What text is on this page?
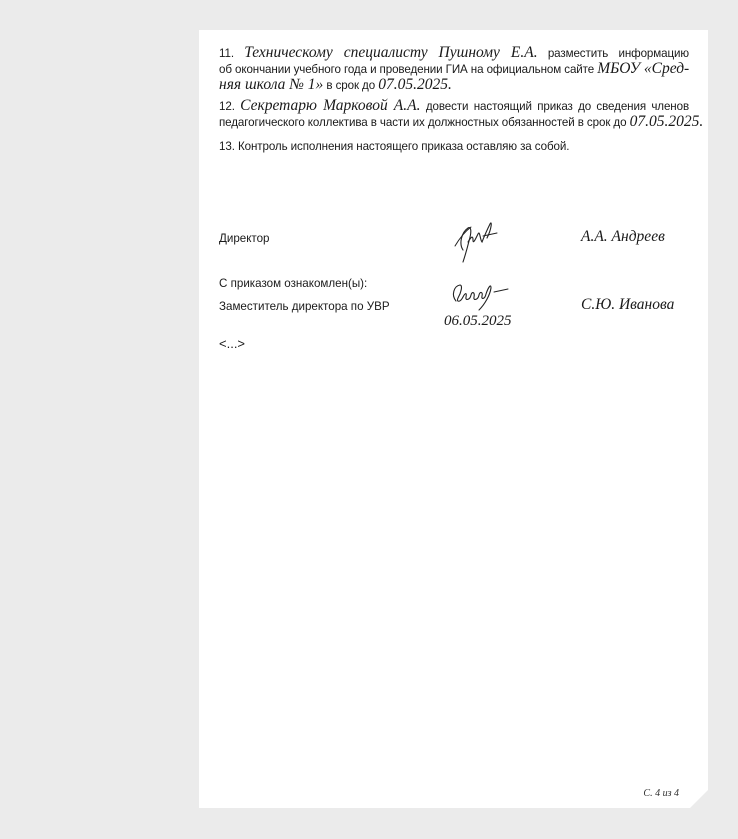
11. Техническому специалисту Пушному Е.А. разместить информацию
об окончании учебного года и проведении ГИА на официальном сайте МБОУ «Сред-
няя школа № 1» в срок до 07.05.2025.
12. Секретарю Марковой А.А. довести настоящий приказ до сведения членов
педагогического коллектива в части их должностных обязанностей в срок до 07.05.2025.
13. Контроль исполнения настоящего приказа оставляю за собой.
Директор	А.А. Андреев
С приказом ознакомлен(ы):
Заместитель директора по УВР
06.05.2025
С.Ю. Иванова
<...>
С. 4 из 4
